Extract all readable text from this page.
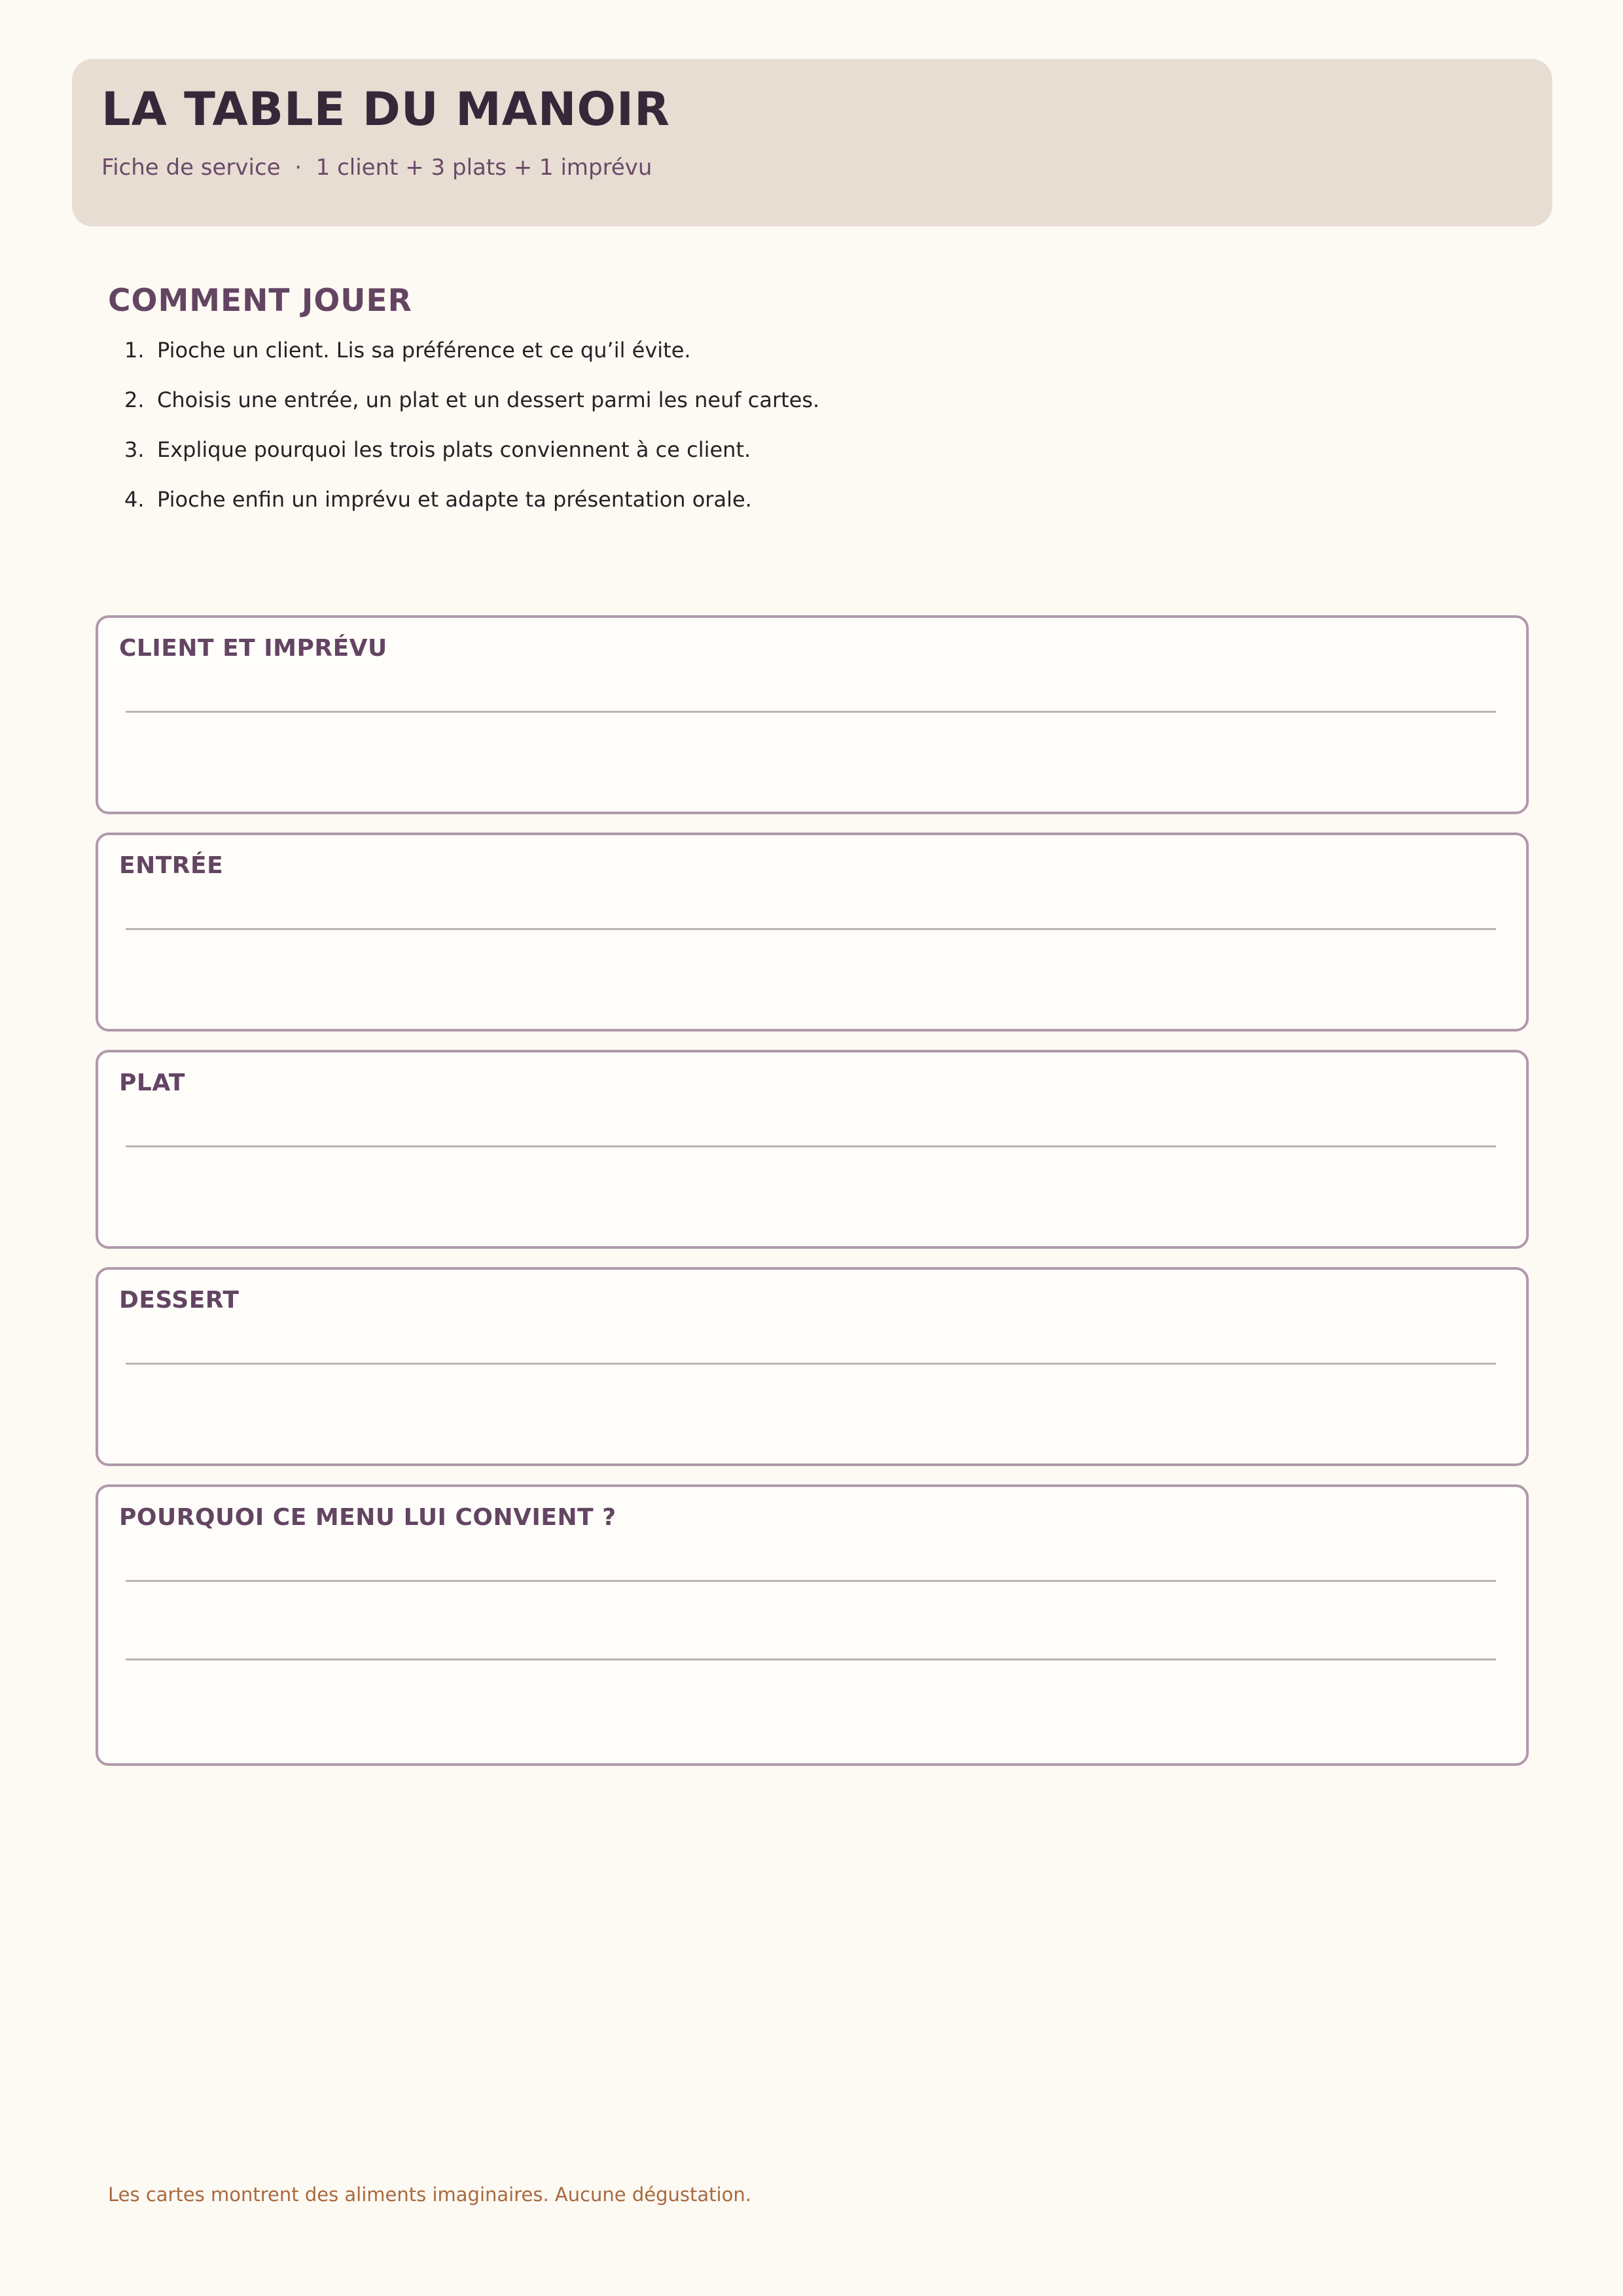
LA TABLE DU MANOIR
Fiche de service  ·  1 client + 3 plats + 1 imprévu
COMMENT JOUER
1. Pioche un client. Lis sa préférence et ce qu’il évite.
2. Choisis une entrée, un plat et un dessert parmi les neuf cartes.
3. Explique pourquoi les trois plats conviennent à ce client.
4. Pioche enfin un imprévu et adapte ta présentation orale.
CLIENT ET IMPRÉVU
ENTRÉE
PLAT
DESSERT
POURQUOI CE MENU LUI CONVIENT ?
Les cartes montrent des aliments imaginaires. Aucune dégustation.
